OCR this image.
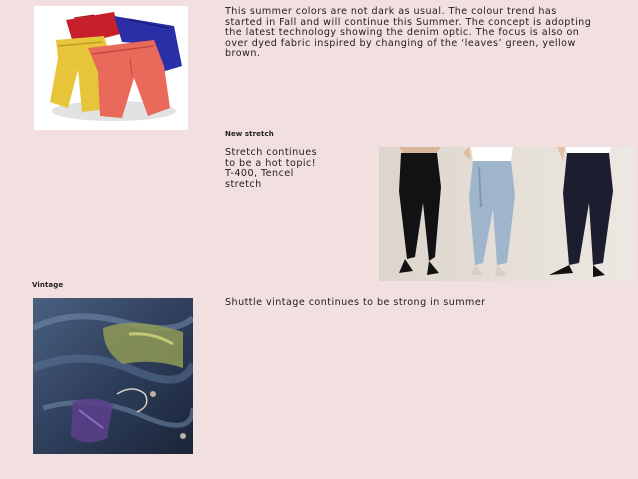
This summer colors are not dark as usual. The colour trend has
started in Fall and will continue this Summer. The concept is adopting
the latest technology showing the denim optic. The focus is also on
over dyed fabric inspired by changing of the ‘leaves’ green, yellow
brown.
New stretch
Stretch continues
to be a hot topic!
T-400, Tencel
stretch
Vintage
Shuttle vintage continues to be strong in summer
